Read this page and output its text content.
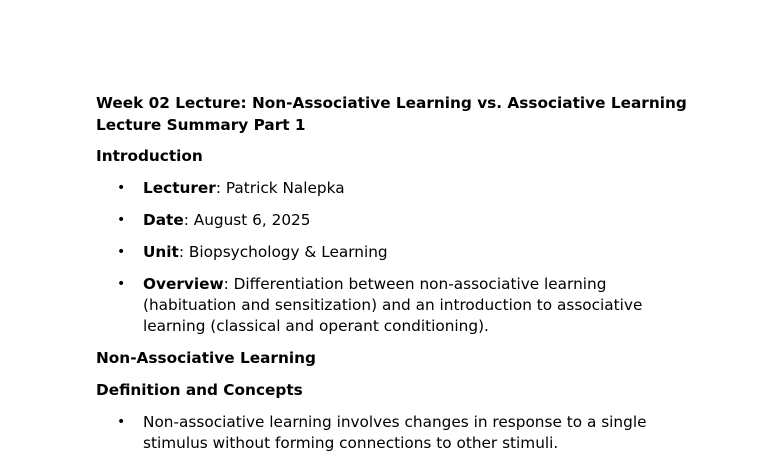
Week 02 Lecture: Non-Associative Learning vs. Associative Learning Lecture Summary Part 1
Introduction
• Lecturer: Patrick Nalepka
• Date: August 6, 2025
• Unit: Biopsychology & Learning
• Overview: Differentiation between non-associative learning (habituation and sensitization) and an introduction to associative learning (classical and operant conditioning).
Non-Associative Learning
Definition and Concepts
• Non-associative learning involves changes in response to a single stimulus without forming connections to other stimuli.
